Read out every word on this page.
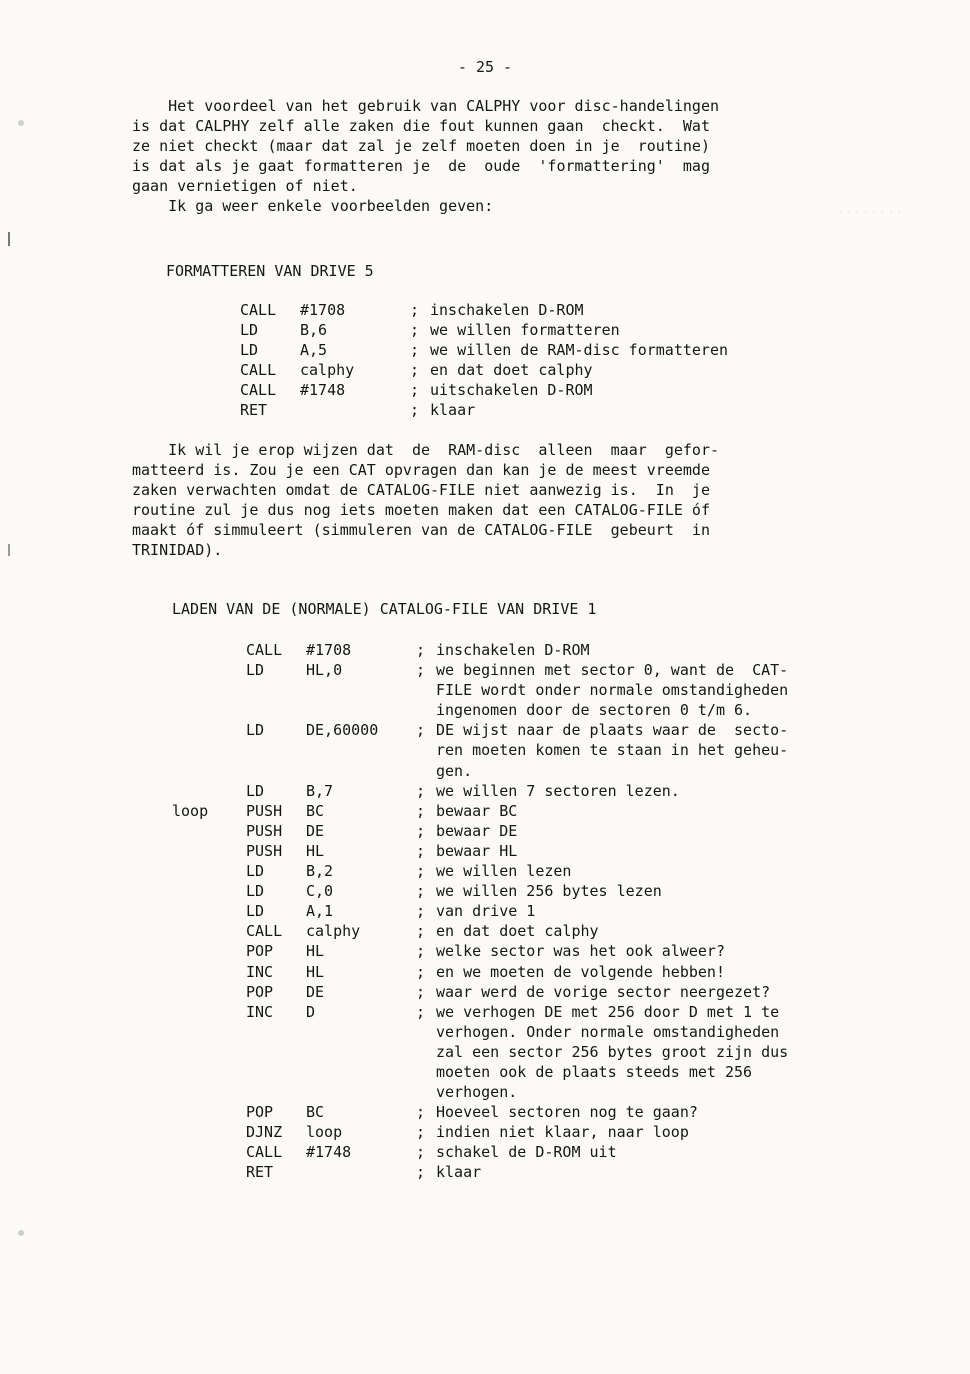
- 25 -
Het voordeel van het gebruik van CALPHY voor disc-handelingen
is dat CALPHY zelf alle zaken die fout kunnen gaan  checkt.  Wat
ze niet checkt (maar dat zal je zelf moeten doen in je  routine)
is dat als je gaat formatteren je  de  oude  'formattering'  mag
gaan vernietigen of niet.
Ik ga weer enkele voorbeelden geven:
FORMATTEREN VAN DRIVE 5
CALL	#1708	; inschakelen D-ROM
LD	B,6	; we willen formatteren
LD	A,5	; we willen de RAM-disc formatteren
CALL	calphy	; en dat doet calphy
CALL	#1748	; uitschakelen D-ROM
RET	; klaar
Ik wil je erop wijzen dat  de  RAM-disc  alleen  maar  gefor-
matteerd is. Zou je een CAT opvragen dan kan je de meest vreemde
zaken verwachten omdat de CATALOG-FILE niet aanwezig is.  In  je
routine zul je dus nog iets moeten maken dat een CATALOG-FILE óf
maakt óf simmuleert (simmuleren van de CATALOG-FILE  gebeurt  in
TRINIDAD).
LADEN VAN DE (NORMALE) CATALOG-FILE VAN DRIVE 1
CALL	#1708	; inschakelen D-ROM
LD	HL,0	; we beginnen met sector 0, want de  CAT-
FILE wordt onder normale omstandigheden
ingenomen door de sectoren 0 t/m 6.
LD	DE,60000	; DE wijst naar de plaats waar de  secto-
ren moeten komen te staan in het geheu-
gen.
LD	B,7	; we willen 7 sectoren lezen.
loop	PUSH	BC	; bewaar BC
PUSH	DE	; bewaar DE
PUSH	HL	; bewaar HL
LD	B,2	; we willen lezen
LD	C,0	; we willen 256 bytes lezen
LD	A,1	; van drive 1
CALL	calphy	; en dat doet calphy
POP	HL	; welke sector was het ook alweer?
INC	HL	; en we moeten de volgende hebben!
POP	DE	; waar werd de vorige sector neergezet?
INC	D	; we verhogen DE met 256 door D met 1 te
verhogen. Onder normale omstandigheden
zal een sector 256 bytes groot zijn dus
moeten ook de plaats steeds met 256
verhogen.
POP	BC	; Hoeveel sectoren nog te gaan?
DJNZ	loop	; indien niet klaar, naar loop
CALL	#1748	; schakel de D-ROM uit
RET	; klaar
········
